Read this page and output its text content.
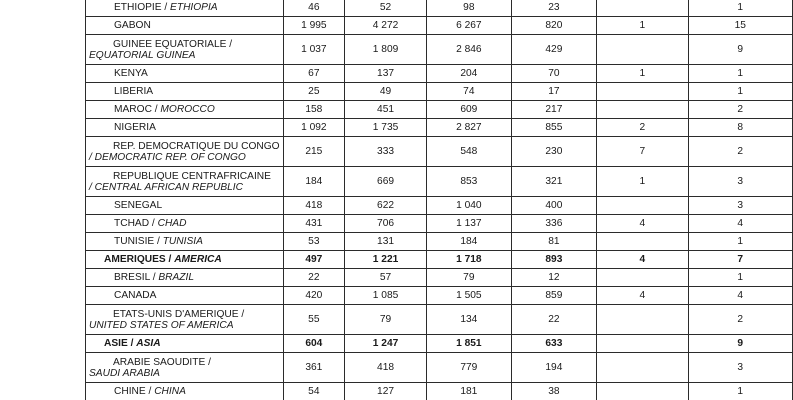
ETHIOPIE / ETHIOPIA	46	52	98	23		1
GABON	1 995	4 272	6 267	820	1	15

GUINEE EQUATORIALE /
EQUATORIAL GUINEA	1 037	1 809	2 846	429		9
KENYA	67	137	204	70	1	1
LIBERIA	25	49	74	17		1
MAROC / MOROCCO	158	451	609	217		2
NIGERIA	1 092	1 735	2 827	855	2	8

REP. DEMOCRATIQUE DU CONGO
/ DEMOCRATIC REP. OF CONGO	215	333	548	230	7	2

REPUBLIQUE CENTRAFRICAINE
/ CENTRAL AFRICAN REPUBLIC	184	669	853	321	1	3
SENEGAL	418	622	1 040	400		3
TCHAD / CHAD	431	706	1 137	336	4	4
TUNISIE / TUNISIA	53	131	184	81		1
AMERIQUES / AMERICA	497	1 221	1 718	893	4	7
BRESIL / BRAZIL	22	57	79	12		1
CANADA	420	1 085	1 505	859	4	4

ETATS-UNIS D'AMERIQUE /
UNITED STATES OF AMERICA	55	79	134	22		2
ASIE / ASIA	604	1 247	1 851	633		9

ARABIE SAOUDITE /
SAUDI ARABIA	361	418	779	194		3
CHINE / CHINA	54	127	181	38		1
